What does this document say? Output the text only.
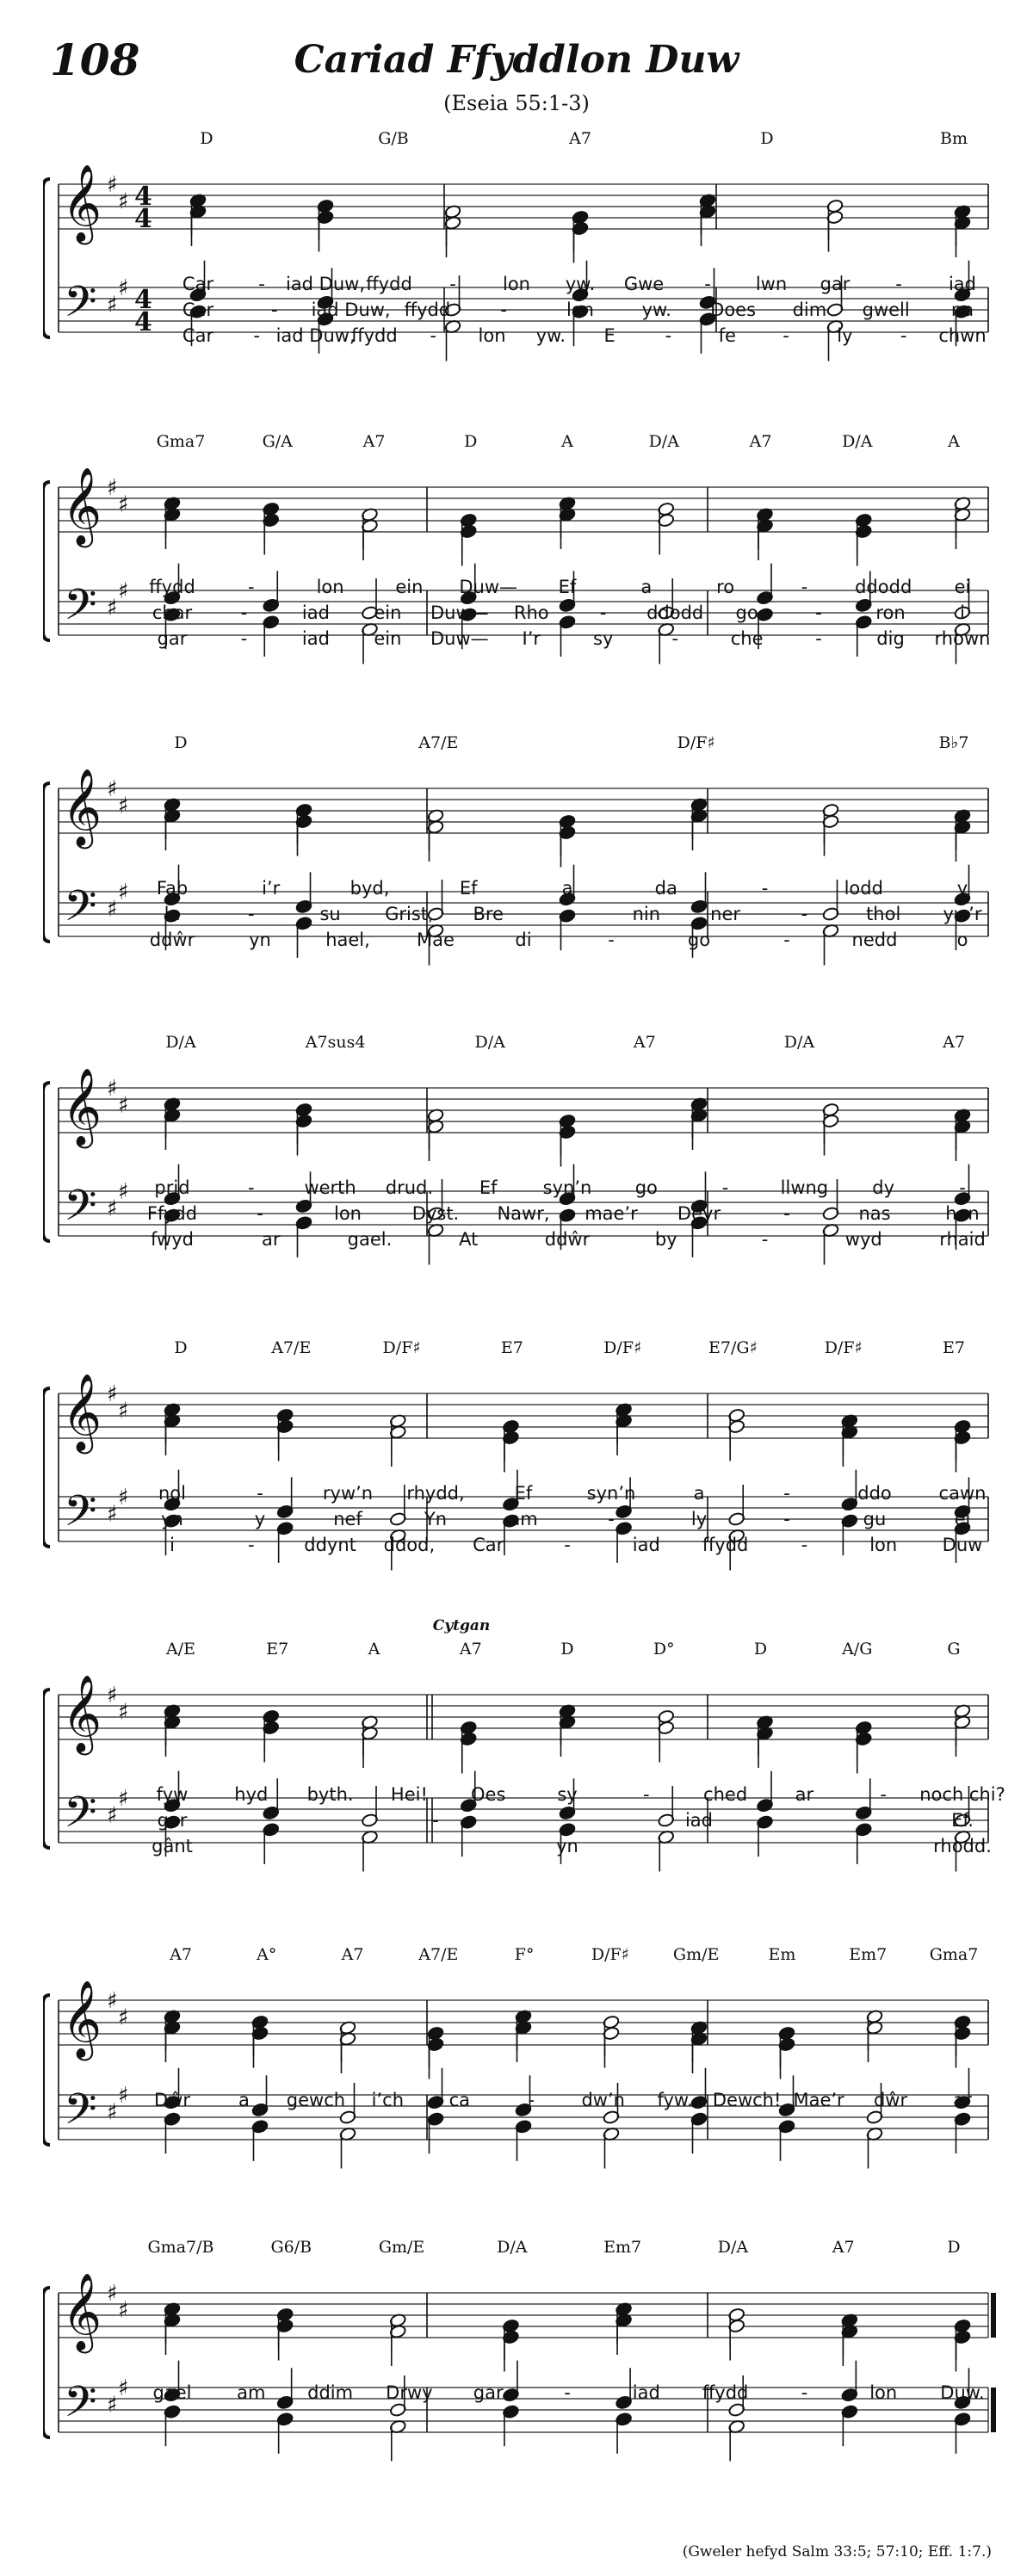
108	Cariad Ffyddlon Duw
(Eseia 55:1-3)
𝄞
𝄢
♯
♯
♯
♯
4
4
4
4
D	G/B	A7	D	Bm
Car - iad Duw, ffydd -	lon yw. Gwe - lwn gar	-	iad
Car	- iad Duw, ffydd	-	lon	yw. Does dim gwell na
Car - iad Duw,
ffydd - lon yw. E	-	fe	-	ly	- chwn
𝄞
𝄢
♯
♯
♯
♯
Gma7	G/A	A7	D	A	D/A	A7	D/A	A
ffydd	-	lon	ein Duw— Ef	a	ro	-	ddodd ei
char	-	iad ein Duw— Rho	- ddodd go	-	ron	i
gar	-	iad ein Duw— I’r	sy	-	che	-	dig rhown
𝄞
𝄢
♯
♯
♯
♯
D	A7/E	D/F♯	B♭7
Fab	i’r	byd,	Ef	a	da	-	lodd	y
le	-	su Grist, Bre	-	nin	ner	-	thol yw’r
ddŵr	yn	hael,	Mae	di	-	go	-	nedd	o
𝄞
𝄢
♯
♯
♯
♯
D/A	A7sus4	D/A	A7	D/A	A7
prid	-	werth drud.	Ef	syn’n go	-	llwng dy	-
Ffydd	-	lon	Dyst. Nawr, mae’r Deyr	-	nas	hon
fwyd	ar	gael.	At	ddŵr	by	-	wyd	rhaid
𝄞
𝄢
♯
♯
♯
♯
D	A7/E	D/F♯	E7	D/F♯	E7/G♯	D/F♯	E7
nol	-	ryw’n rhydd,	Ef	syn’n	a	-	ddo	cawn
yn	y	nef	Yn	am	-	ly	-	gu	ei
i	-	ddynt ddod, Car	-	iad ffydd	-	lon Duw
𝄞
𝄢
♯
♯
♯
♯
A/E	E7	A	A7	D	D°	D	A/G	G
Cytgan
fyw	hyd byth. Hei! Oes	sy	-	ched	ar	- noch chi?
gar	-	iad	Ef.
gânt	yn	rhodd.
𝄞
𝄢
♯
♯
♯
♯
A7	A°	A7	A7/E	F°	D/F♯	Gm/E	Em	Em7	Gma7
Dŵr	a gewch i’ch	ca	-	dw’n fyw. Dewch! Mae’r dŵr	ar
𝄞
𝄢
♯
♯
♯
♯
Gma7/B	G6/B	Gm/E	D/A	Em7	D/A	A7	D
gael	am ddim Drwy gar	-	iad ffydd	-	lon Duw.
(Gweler hefyd Salm 33:5; 57:10; Eff. 1:7.)
